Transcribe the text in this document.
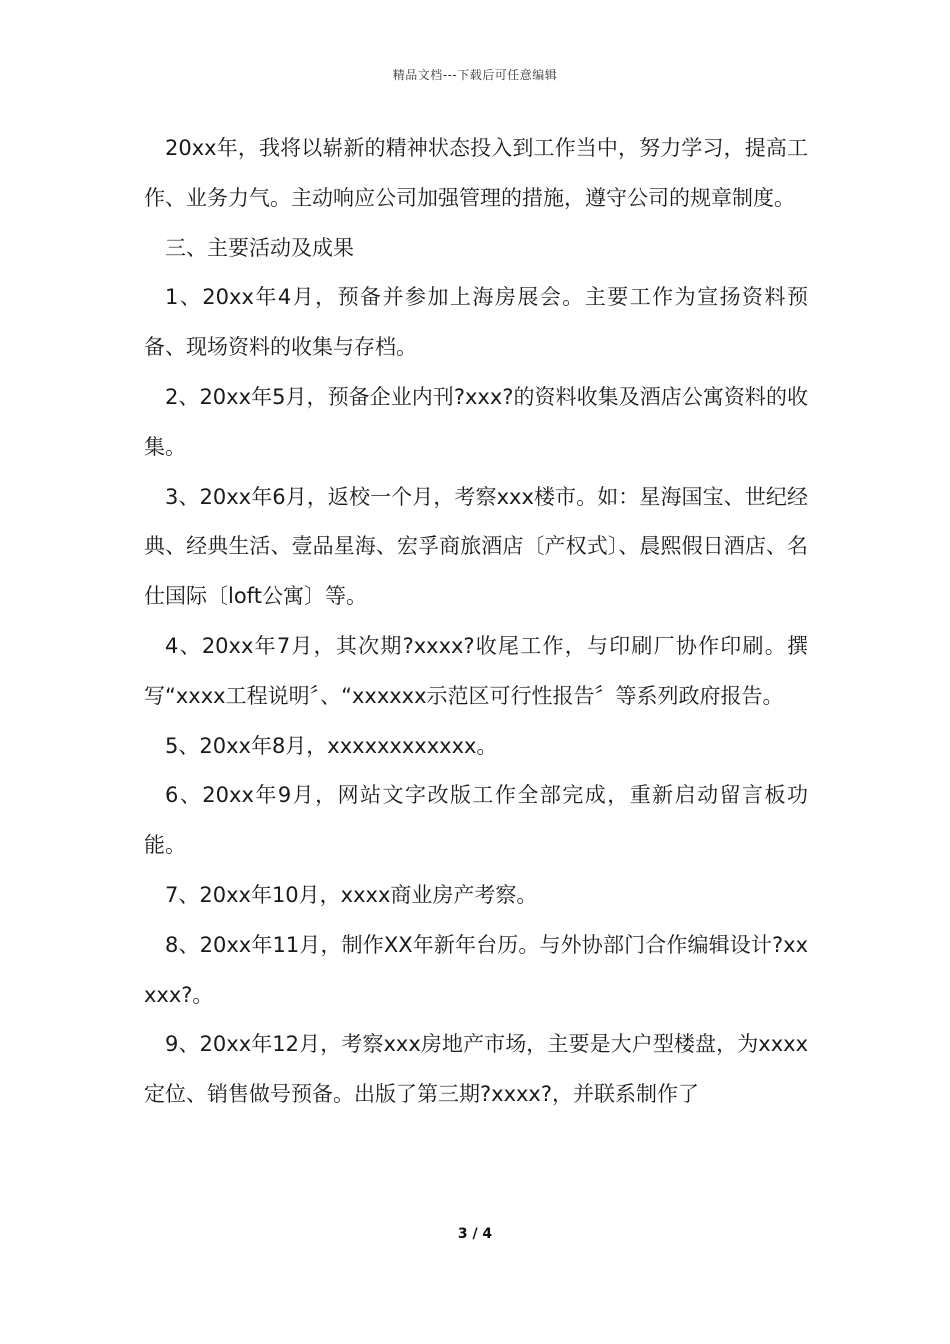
精品文档---下载后可任意编辑

20xx年，我将以崭新的精神状态投入到工作当中，努力学习，提高工作、业务力气。主动响应公司加强管理的措施，遵守公司的规章制度。

三、主要活动及成果

1、20xx年4月，预备并参加上海房展会。主要工作为宣扬资料预备、现场资料的收集与存档。

2、20xx年5月，预备企业内刊?xxx?的资料收集及酒店公寓资料的收集。

3、20xx年6月，返校一个月，考察xxx楼市。如：星海国宝、世纪经典、经典生活、壹品星海、宏孚商旅酒店〔产权式〕、晨熙假日酒店、名仕国际〔loft公寓〕等。

4、20xx年7月，其次期?xxxx?收尾工作，与印刷厂协作印刷。撰写“xxxx工程说明〞、“xxxxxx示范区可行性报告〞等系列政府报告。

5、20xx年8月，xxxxxxxxxxxx。

6、20xx年9月，网站文字改版工作全部完成，重新启动留言板功能。

7、20xx年10月，xxxx商业房产考察。

8、20xx年11月，制作XX年新年台历。与外协部门合作编辑设计?xxxxx?。

9、20xx年12月，考察xxx房地产市场，主要是大户型楼盘，为xxxx定位、销售做号预备。出版了第三期?xxxx?，并联系制作了

3 / 4
